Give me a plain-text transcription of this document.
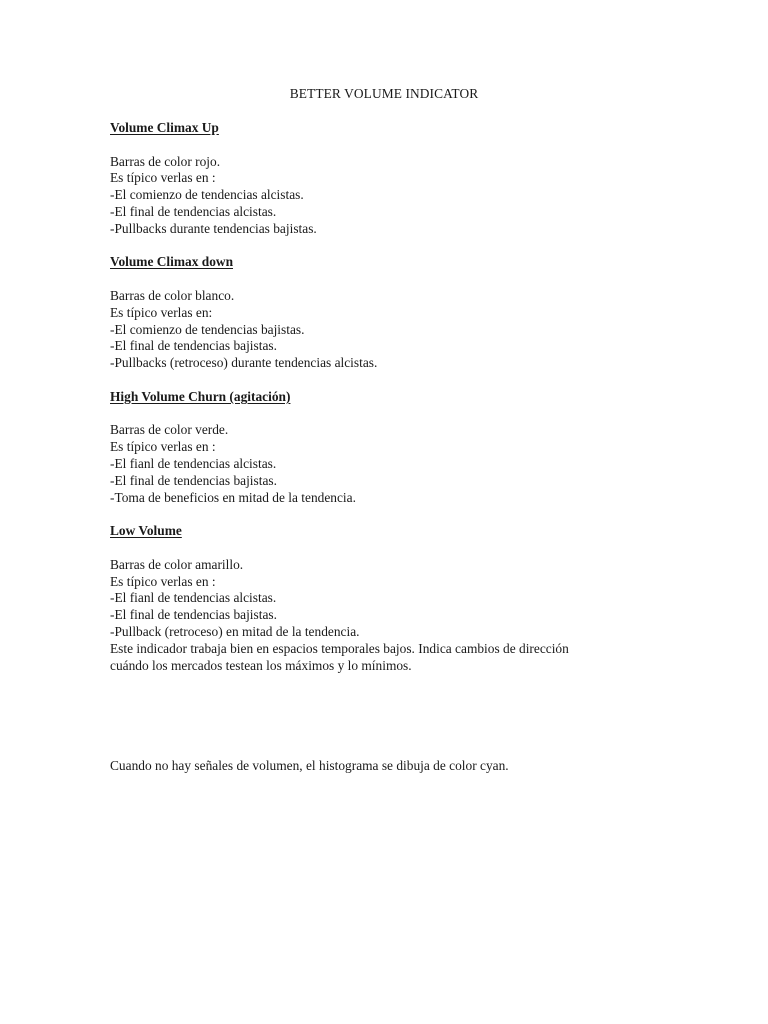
BETTER VOLUME INDICATOR
Volume Climax Up
Barras de color rojo.
Es típico verlas en :
-El comienzo de tendencias alcistas.
-El final de tendencias alcistas.
-Pullbacks durante tendencias bajistas.
Volume Climax down
Barras de color blanco.
Es típico verlas en:
-El comienzo de tendencias bajistas.
-El final de tendencias bajistas.
-Pullbacks (retroceso) durante tendencias alcistas.
High Volume Churn (agitación)
Barras de color verde.
Es típico verlas en :
-El fianl de tendencias alcistas.
-El final de tendencias bajistas.
-Toma de beneficios en mitad de la tendencia.
Low Volume
Barras de color amarillo.
Es típico verlas en :
-El fianl de tendencias alcistas.
-El final de tendencias bajistas.
-Pullback (retroceso) en mitad de la tendencia.
Este indicador trabaja bien en espacios temporales bajos. Indica cambios de dirección
cuándo los mercados testean los máximos y lo mínimos.
Cuando no hay señales de volumen, el histograma se dibuja de color cyan.
